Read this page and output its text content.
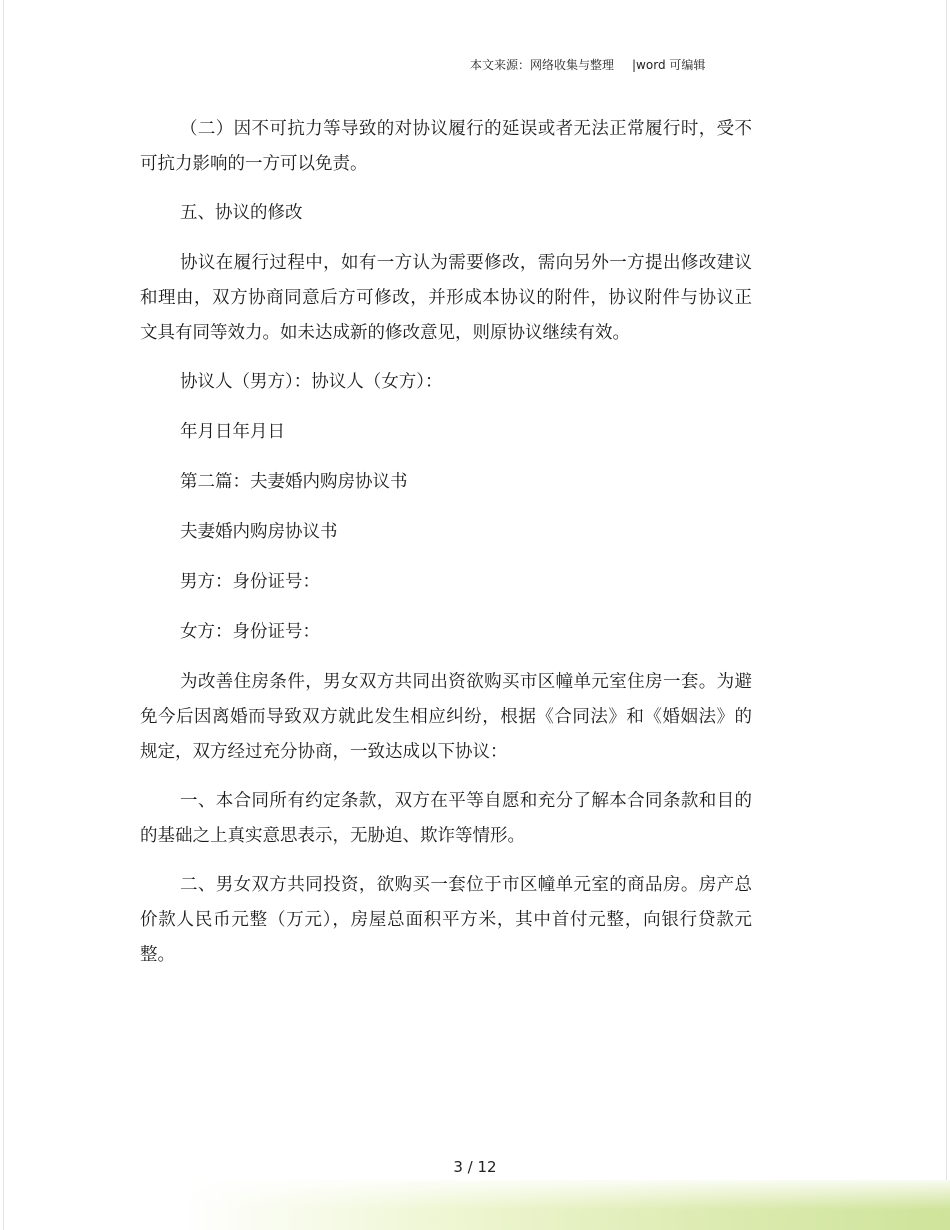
本文来源：网络收集与整理 |word 可编辑

（二）因不可抗力等导致的对协议履行的延误或者无法正常履行时，受不可抗力影响的一方可以免责。

五、协议的修改

协议在履行过程中，如有一方认为需要修改，需向另外一方提出修改建议和理由，双方协商同意后方可修改，并形成本协议的附件，协议附件与协议正文具有同等效力。如未达成新的修改意见，则原协议继续有效。

协议人（男方）：协议人（女方）：

年月日年月日

第二篇：夫妻婚内购房协议书

夫妻婚内购房协议书

男方：身份证号：

女方：身份证号：

为改善住房条件，男女双方共同出资欲购买市区幢单元室住房一套。为避免今后因离婚而导致双方就此发生相应纠纷，根据《合同法》和《婚姻法》的规定，双方经过充分协商，一致达成以下协议：

一、本合同所有约定条款，双方在平等自愿和充分了解本合同条款和目的的基础之上真实意思表示，无胁迫、欺诈等情形。

二、男女双方共同投资，欲购买一套位于市区幢单元室的商品房。房产总价款人民币元整（万元），房屋总面积平方米，其中首付元整，向银行贷款元整。

3 / 12
